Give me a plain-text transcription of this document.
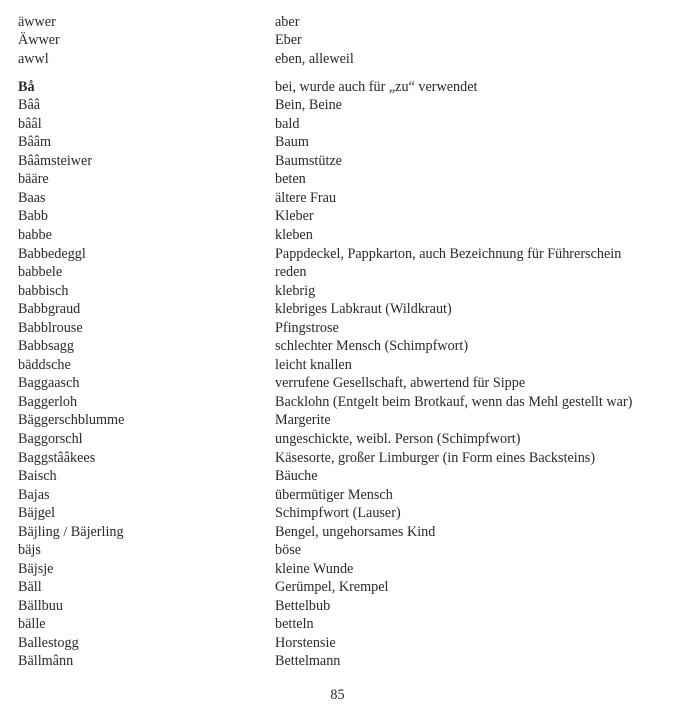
äwwer	aber
Äwwer	Eber
awwl	eben, alleweil
Bå	bei, wurde auch für „zu“ verwendet
Bââ	Bein, Beine
bââl	bald
Bââm	Baum
Bââmsteiwer	Baumstütze
bääre	beten
Baas	ältere Frau
Babb	Kleber
babbe	kleben
Babbedeggl	Pappdeckel, Pappkarton, auch Bezeichnung für Führerschein
babbele	reden
babbisch	klebrig
Babbgraud	klebriges Labkraut (Wildkraut)
Babblrouse	Pfingstrose
Babbsagg	schlechter Mensch (Schimpfwort)
bäddsche	leicht knallen
Baggaasch	verrufene Gesellschaft, abwertend für Sippe
Baggerloh	Backlohn (Entgelt beim Brotkauf, wenn das Mehl gestellt war)
Bäggerschblumme	Margerite
Baggorschl	ungeschickte, weibl. Person (Schimpfwort)
Baggstââkees	Käsesorte, großer Limburger (in Form eines Backsteins)
Baisch	Bäuche
Bajas	übermütiger Mensch
Bäjgel	Schimpfwort (Lauser)
Bäjling / Bäjerling	Bengel, ungehorsames Kind
bäjs	böse
Bäjsje	kleine Wunde
Bäll	Gerümpel, Krempel
Bällbuu	Bettelbub
bälle	betteln
Ballestogg	Horstensie
Bällmânn	Bettelmann
85
